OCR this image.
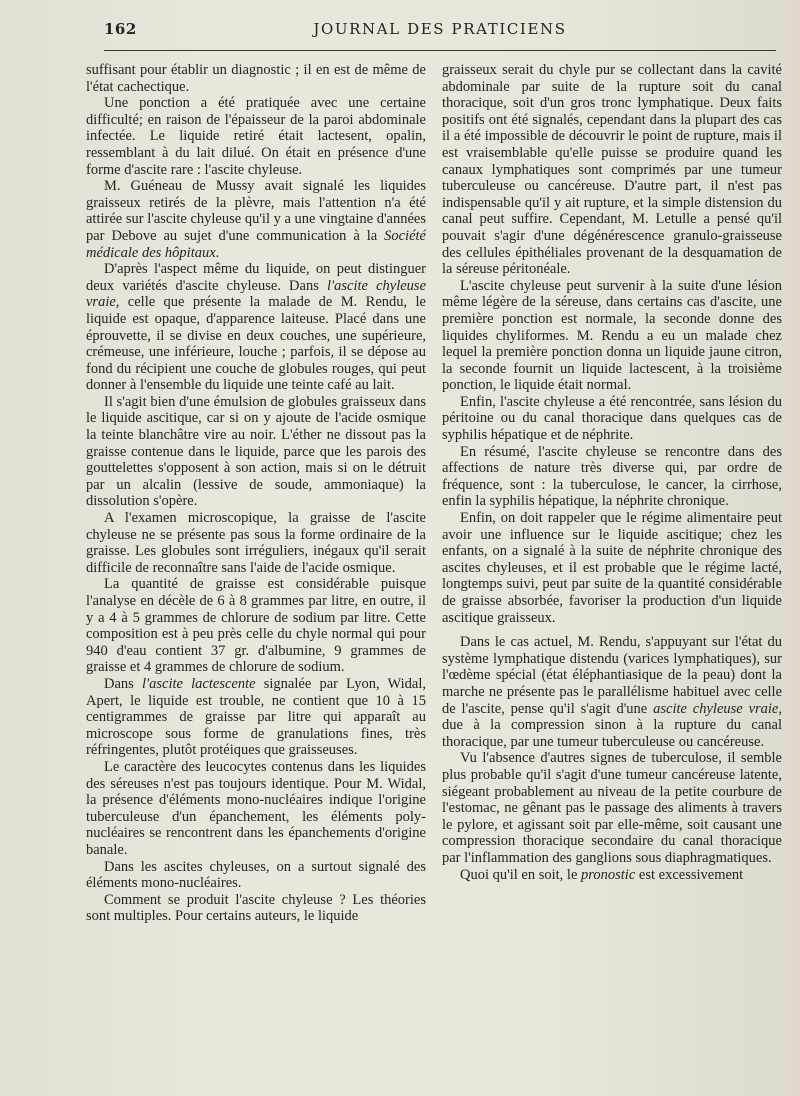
162	JOURNAL DES PRATICIENS

suffisant pour établir un diagnostic ; il en est de même de l'état cachectique.

Une ponction a été pratiquée avec une certaine difficulté; en raison de l'épaisseur de la paroi abdominale infectée. Le liquide retiré était lactesent, opalin, ressemblant à du lait dilué. On était en présence d'une forme d'ascite rare : l'ascite chyleuse.

M. Guéneau de Mussy avait signalé les liquides graisseux retirés de la plèvre, mais l'attention n'a été attirée sur l'ascite chyleuse qu'il y a une vingtaine d'années par Debove au sujet d'une communication à la Société médicale des hôpitaux.

D'après l'aspect même du liquide, on peut distinguer deux variétés d'ascite chyleuse. Dans l'ascite chyleuse vraie, celle que présente la malade de M. Rendu, le liquide est opaque, d'apparence laiteuse. Placé dans une éprouvette, il se divise en deux couches, une supérieure, crémeuse, une inférieure, louche ; parfois, il se dépose au fond du récipient une couche de globules rouges, qui peut donner à l'ensemble du liquide une teinte café au lait.

Il s'agit bien d'une émulsion de globules graisseux dans le liquide ascitique, car si on y ajoute de l'acide osmique la teinte blanchâtre vire au noir. L'éther ne dissout pas la graisse contenue dans le liquide, parce que les parois des gouttelettes s'opposent à son action, mais si on le détruit par un alcalin (lessive de soude, ammoniaque) la dissolution s'opère.

A l'examen microscopique, la graisse de l'ascite chyleuse ne se présente pas sous la forme ordinaire de la graisse. Les globules sont irréguliers, inégaux qu'il serait difficile de reconnaître sans l'aide de l'acide osmique.

La quantité de graisse est considérable puisque l'analyse en décèle de 6 à 8 grammes par litre, en outre, il y a 4 à 5 grammes de chlorure de sodium par litre. Cette composition est à peu près celle du chyle normal qui pour 940 d'eau contient 37 gr. d'albumine, 9 grammes de graisse et 4 grammes de chlorure de sodium.

Dans l'ascite lactescente signalée par Lyon, Widal, Apert, le liquide est trouble, ne contient que 10 à 15 centigrammes de graisse par litre qui apparaît au microscope sous forme de granulations fines, très réfringentes, plutôt protéiques que graisseuses.

Le caractère des leucocytes contenus dans les liquides des séreuses n'est pas toujours identique. Pour M. Widal, la présence d'éléments mono-nucléaires indique l'origine tuberculeuse d'un épanchement, les éléments poly-nucléaires se rencontrent dans les épanchements d'origine banale.

Dans les ascites chyleuses, on a surtout signalé des éléments mono-nucléaires.

Comment se produit l'ascite chyleuse ? Les théories sont multiples. Pour certains auteurs, le liquide

graisseux serait du chyle pur se collectant dans la cavité abdominale par suite de la rupture soit du canal thoracique, soit d'un gros tronc lymphatique. Deux faits positifs ont été signalés, cependant dans la plupart des cas il a été impossible de découvrir le point de rupture, mais il est vraisemblable qu'elle puisse se produire quand les canaux lymphatiques sont comprimés par une tumeur tuberculeuse ou cancéreuse. D'autre part, il n'est pas indispensable qu'il y ait rupture, et la simple distension du canal peut suffire. Cependant, M. Letulle a pensé qu'il pouvait s'agir d'une dégénérescence granulo-graisseuse des cellules épithéliales provenant de la desquamation de la séreuse péritonéale.

L'ascite chyleuse peut survenir à la suite d'une lésion même légère de la séreuse, dans certains cas d'ascite, une première ponction est normale, la seconde donne des liquides chyliformes. M. Rendu a eu un malade chez lequel la première ponction donna un liquide jaune citron, la seconde fournit un liquide lactescent, à la troisième ponction, le liquide était normal.

Enfin, l'ascite chyleuse a été rencontrée, sans lésion du péritoine ou du canal thoracique dans quelques cas de syphilis hépatique et de néphrite.

En résumé, l'ascite chyleuse se rencontre dans des affections de nature très diverse qui, par ordre de fréquence, sont : la tuberculose, le cancer, la cirrhose, enfin la syphilis hépatique, la néphrite chronique.

Enfin, on doit rappeler que le régime alimentaire peut avoir une influence sur le liquide ascitique; chez les enfants, on a signalé à la suite de néphrite chronique des ascites chyleuses, et il est probable que le régime lacté, longtemps suivi, peut par suite de la quantité considérable de graisse absorbée, favoriser la production d'un liquide ascitique graisseux.

Dans le cas actuel, M. Rendu, s'appuyant sur l'état du système lymphatique distendu (varices lymphatiques), sur l'œdème spécial (état éléphantiasique de la peau) dont la marche ne présente pas le parallélisme habituel avec celle de l'ascite, pense qu'il s'agit d'une ascite chyleuse vraie, due à la compression sinon à la rupture du canal thoracique, par une tumeur tuberculeuse ou cancéreuse.

Vu l'absence d'autres signes de tuberculose, il semble plus probable qu'il s'agit d'une tumeur cancéreuse latente, siégeant probablement au niveau de la petite courbure de l'estomac, ne gênant pas le passage des aliments à travers le pylore, et agissant soit par elle-même, soit causant une compression thoracique secondaire du canal thoracique par l'inflammation des ganglions sous diaphragmatiques.

Quoi qu'il en soit, le pronostic est excessivement
